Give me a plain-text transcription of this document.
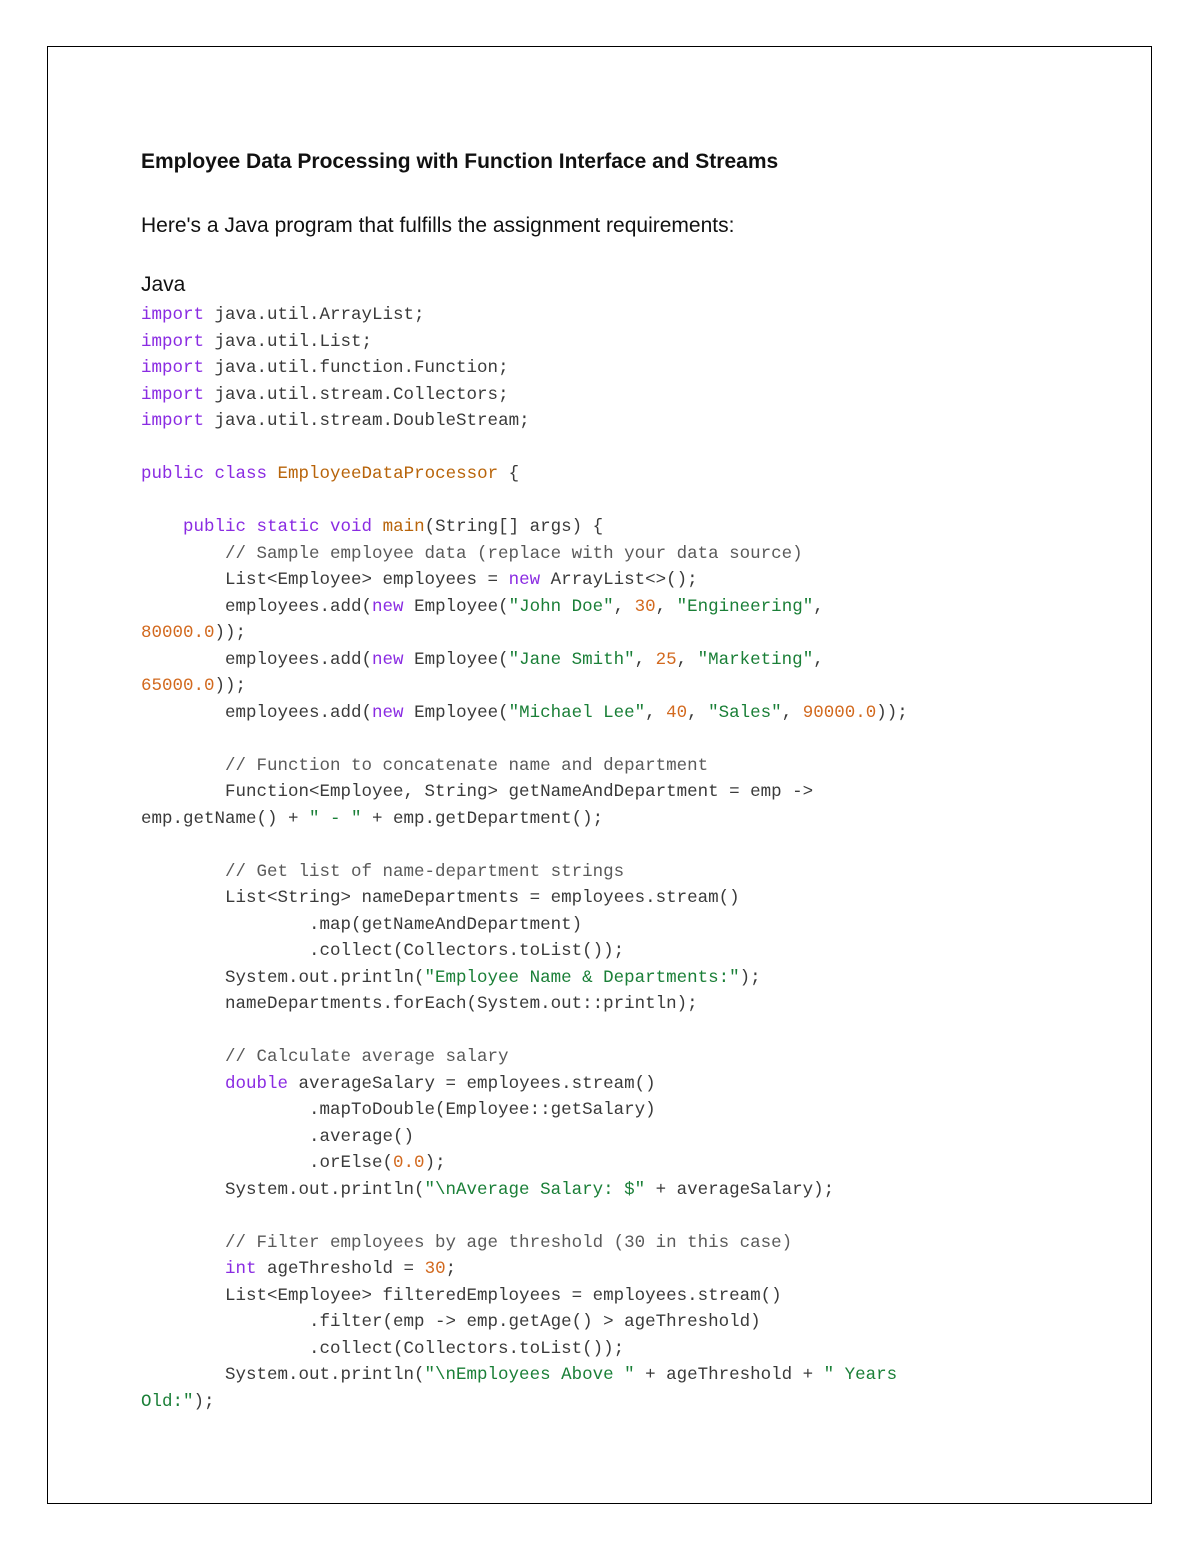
Employee Data Processing with Function Interface and Streams
Here's a Java program that fulfills the assignment requirements:
Java
import java.util.ArrayList;
import java.util.List;
import java.util.function.Function;
import java.util.stream.Collectors;
import java.util.stream.DoubleStream;

public class EmployeeDataProcessor {

public static void main(String[] args) {
// Sample employee data (replace with your data source)
List<Employee> employees = new ArrayList<>();
employees.add(new Employee("John Doe", 30, "Engineering",
80000.0));
employees.add(new Employee("Jane Smith", 25, "Marketing",
65000.0));
employees.add(new Employee("Michael Lee", 40, "Sales", 90000.0));

// Function to concatenate name and department
Function<Employee, String> getNameAndDepartment = emp ->
emp.getName() + " - " + emp.getDepartment();

// Get list of name-department strings
List<String> nameDepartments = employees.stream()
.map(getNameAndDepartment)
.collect(Collectors.toList());
System.out.println("Employee Name & Departments:");
nameDepartments.forEach(System.out::println);

// Calculate average salary
double averageSalary = employees.stream()
.mapToDouble(Employee::getSalary)
.average()
.orElse(0.0);
System.out.println("\nAverage Salary: $" + averageSalary);

// Filter employees by age threshold (30 in this case)
int ageThreshold = 30;
List<Employee> filteredEmployees = employees.stream()
.filter(emp -> emp.getAge() > ageThreshold)
.collect(Collectors.toList());
System.out.println("\nEmployees Above " + ageThreshold + " Years
Old:");
